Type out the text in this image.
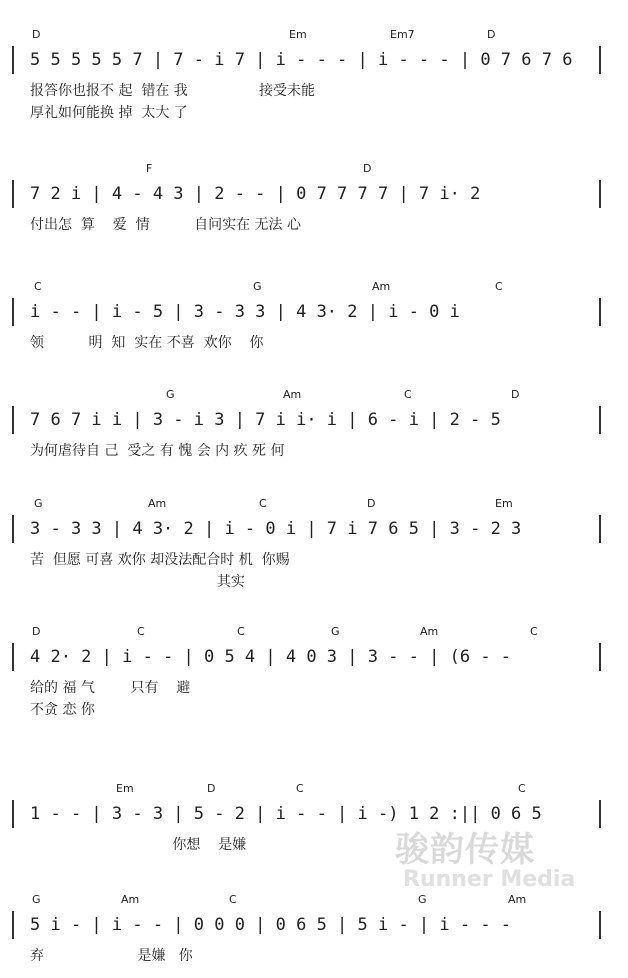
骏韵传媒
Runner Media
D	Em	Em7	D
5 5 5 5 5 7 | 7 - i 7 | i - - - | i - - - | 0 7 6 7 6
报答你也报不 起  错在 我                接受未能
厚礼如何能换 掉  太大 了
F	D
7 2 i | 4 - 4 3 | 2 - - | 0 7 7 7 7 | 7 i· 2
付出怎  算    爱  情          自问实在 无法 心
C	G	Am	C
i - - | i - 5 | 3 - 3 3 | 4 3· 2 | i - 0 i
领          明  知  实在 不喜  欢你    你
G	Am	C	D
7 6 7 i i | 3 - i 3 | 7 i i· i | 6 - i | 2 - 5
为何虐待自 己  受之 有 愧 会 内 疚 死 何
G	Am	C	D	Em
3 - 3 3 | 4 3· 2 | i - 0 i | 7 i 7 6 5 | 3 - 2 3
苦  但愿 可喜 欢你 却没法配合时 机  你赐
其实
D	C	C	G	Am	C
4 2· 2 | i - - | 0 5 4 | 4 0 3 | 3 - - | (6 - -
给的 福 气        只有    避
不贪 恋 你
Em	D	C	C
1 - - | 3 - 3 | 5 - 2 | i - - | i -) 1 2 :|| 0 6 5
你想    是嫌
G	Am	C	G	Am
5 i - | i - - | 0 0 0 | 0 6 5 | 5 i - | i - - -
弃                     是嫌   你
